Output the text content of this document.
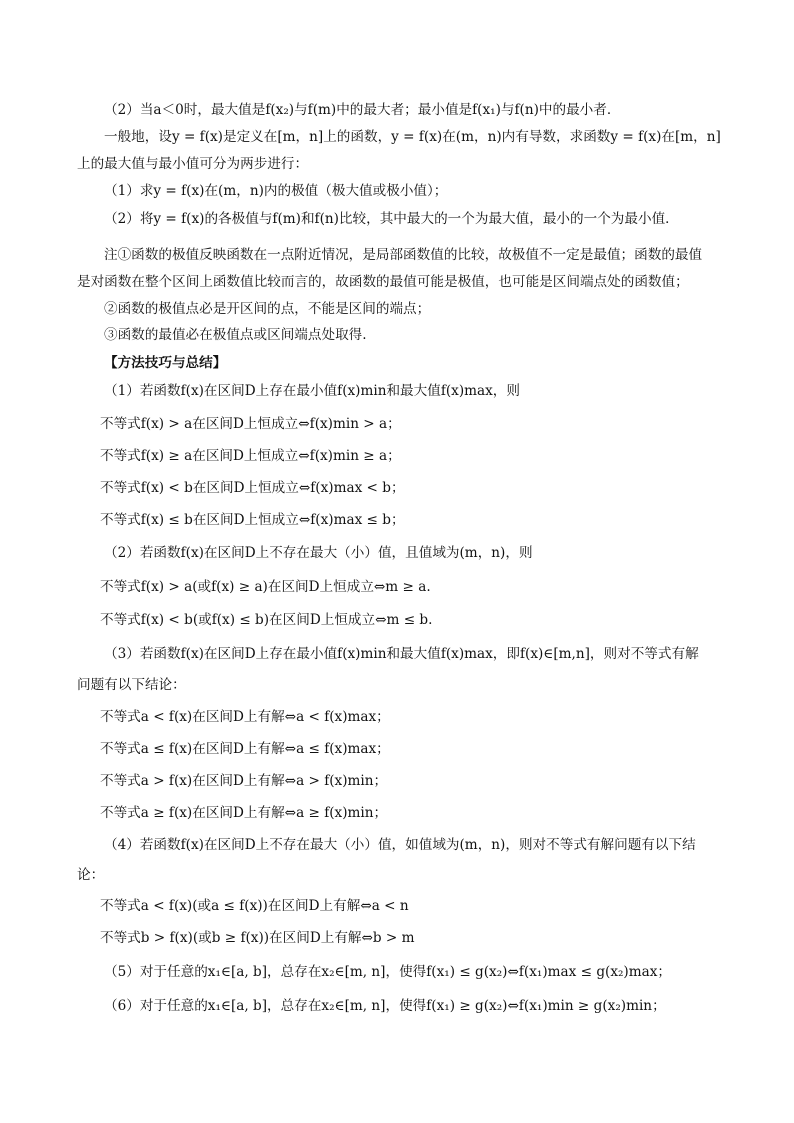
（2）当a＜0时，最大值是f(x₂)与f(m)中的最大者；最小值是f(x₁)与f(n)中的最小者．
一般地，设y = f(x)是定义在[m，n]上的函数，y = f(x)在(m，n)内有导数，求函数y = f(x)在[m，n]
上的最大值与最小值可分为两步进行：
（1）求y = f(x)在(m，n)内的极值（极大值或极小值）；
（2）将y = f(x)的各极值与f(m)和f(n)比较，其中最大的一个为最大值，最小的一个为最小值．
注①函数的极值反映函数在一点附近情况，是局部函数值的比较，故极值不一定是最值；函数的最值
是对函数在整个区间上函数值比较而言的，故函数的最值可能是极值，也可能是区间端点处的函数值；
②函数的极值点必是开区间的点，不能是区间的端点；
③函数的最值必在极值点或区间端点处取得.
【方法技巧与总结】
（1）若函数f(x)在区间D上存在最小值f(x)min和最大值f(x)max，则
不等式f(x) > a在区间D上恒成立⇔f(x)min > a；
不等式f(x) ≥ a在区间D上恒成立⇔f(x)min ≥ a；
不等式f(x) < b在区间D上恒成立⇔f(x)max < b；
不等式f(x) ≤ b在区间D上恒成立⇔f(x)max ≤ b；
（2）若函数f(x)在区间D上不存在最大（小）值，且值域为(m，n)，则
不等式f(x) > a(或f(x) ≥ a)在区间D上恒成立⇔m ≥ a.
不等式f(x) < b(或f(x) ≤ b)在区间D上恒成立⇔m ≤ b.
（3）若函数f(x)在区间D上存在最小值f(x)min和最大值f(x)max，即f(x)∈[m,n]，则对不等式有解
问题有以下结论：
不等式a < f(x)在区间D上有解⇔a < f(x)max；
不等式a ≤ f(x)在区间D上有解⇔a ≤ f(x)max；
不等式a > f(x)在区间D上有解⇔a > f(x)min；
不等式a ≥ f(x)在区间D上有解⇔a ≥ f(x)min；
（4）若函数f(x)在区间D上不存在最大（小）值，如值域为(m，n)，则对不等式有解问题有以下结
论：
不等式a < f(x)(或a ≤ f(x))在区间D上有解⇔a < n
不等式b > f(x)(或b ≥ f(x))在区间D上有解⇔b > m
（5）对于任意的x₁∈[a, b]，总存在x₂∈[m, n]，使得f(x₁) ≤ g(x₂)⇔f(x₁)max ≤ g(x₂)max；
（6）对于任意的x₁∈[a, b]，总存在x₂∈[m, n]，使得f(x₁) ≥ g(x₂)⇔f(x₁)min ≥ g(x₂)min；
